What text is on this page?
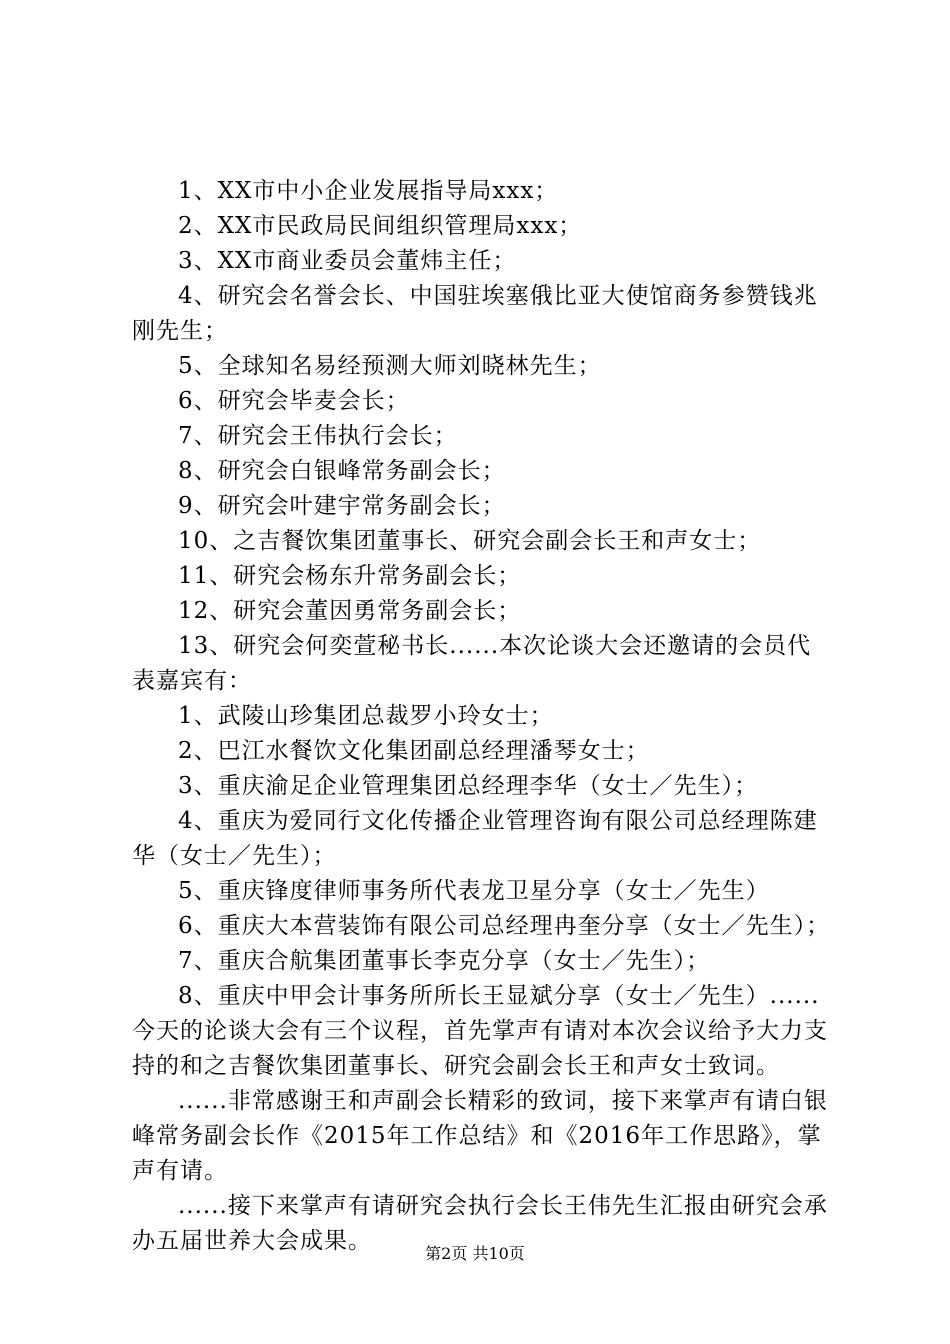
1、XX市中小企业发展指导局xxx；

2、XX市民政局民间组织管理局xxx；

3、XX市商业委员会董炜主任；

4、研究会名誉会长、中国驻埃塞俄比亚大使馆商务参赞钱兆刚先生；

5、全球知名易经预测大师刘晓林先生；

6、研究会毕麦会长；

7、研究会王伟执行会长；

8、研究会白银峰常务副会长；

9、研究会叶建宇常务副会长；

10、之吉餐饮集团董事长、研究会副会长王和声女士；

11、研究会杨东升常务副会长；

12、研究会董因勇常务副会长；

13、研究会何奕萱秘书长......本次论谈大会还邀请的会员代表嘉宾有：

1、武陵山珍集团总裁罗小玲女士；

2、巴江水餐饮文化集团副总经理潘琴女士；

3、重庆渝足企业管理集团总经理李华（女士／先生）；

4、重庆为爱同行文化传播企业管理咨询有限公司总经理陈建华（女士／先生）；

5、重庆锋度律师事务所代表龙卫星分享（女士／先生）

6、重庆大本营装饰有限公司总经理冉奎分享（女士／先生）；

7、重庆合航集团董事长李克分享（女士／先生）；

8、重庆中甲会计事务所所长王显斌分享（女士／先生）......今天的论谈大会有三个议程，首先掌声有请对本次会议给予大力支持的和之吉餐饮集团董事长、研究会副会长王和声女士致词。

......非常感谢王和声副会长精彩的致词，接下来掌声有请白银峰常务副会长作《2015年工作总结》和《2016年工作思路》，掌声有请。

......接下来掌声有请研究会执行会长王伟先生汇报由研究会承办五届世养大会成果。	第2页 共10页
